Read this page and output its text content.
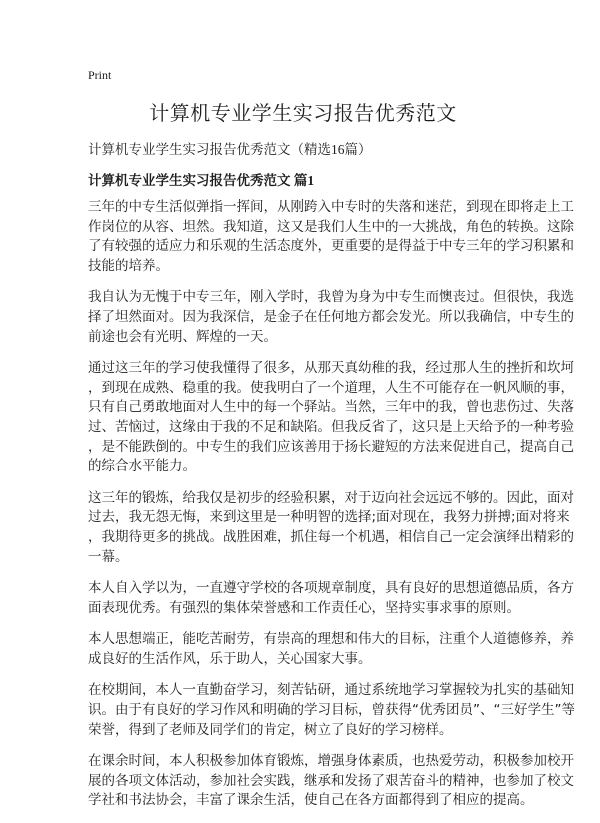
Print
计算机专业学生实习报告优秀范文
计算机专业学生实习报告优秀范文（精选16篇）
计算机专业学生实习报告优秀范文 篇1

三年的中专生活似弹指一挥间，从刚跨入中专时的失落和迷茫，到现在即将走上工
作岗位的从容、坦然。我知道，这又是我们人生中的一大挑战，角色的转换。这除
了有较强的适应力和乐观的生活态度外，更重要的是得益于中专三年的学习积累和
技能的培养。

我自认为无愧于中专三年，刚入学时，我曾为身为中专生而懊丧过。但很快，我选
择了坦然面对。因为我深信，是金子在任何地方都会发光。所以我确信，中专生的
前途也会有光明、辉煌的一天。

通过这三年的学习使我懂得了很多，从那天真幼稚的我，经过那人生的挫折和坎坷
，到现在成熟、稳重的我。使我明白了一个道理，人生不可能存在一帆风顺的事，
只有自己勇敢地面对人生中的每一个驿站。当然，三年中的我，曾也悲伤过、失落
过、苦恼过，这缘由于我的不足和缺陷。但我反省了，这只是上天给予的一种考验
，是不能跌倒的。中专生的我们应该善用于扬长避短的方法来促进自己，提高自己
的综合水平能力。

这三年的锻炼，给我仅是初步的经验积累，对于迈向社会远远不够的。因此，面对
过去，我无怨无悔，来到这里是一种明智的选择;面对现在，我努力拼搏;面对将来
，我期待更多的挑战。战胜困难，抓住每一个机遇，相信自己一定会演绎出精彩的
一幕。

本人自入学以为，一直遵守学校的各项规章制度，具有良好的思想道德品质，各方
面表现优秀。有强烈的集体荣誉感和工作责任心，坚持实事求事的原则。

本人思想端正，能吃苦耐劳，有崇高的理想和伟大的目标，注重个人道德修养，养
成良好的生活作风，乐于助人，关心国家大事。

在校期间，本人一直勤奋学习，刻苦钻研，通过系统地学习掌握较为扎实的基础知
识。由于有良好的学习作风和明确的学习目标，曾获得“优秀团员”、“三好学生”等
荣誉，得到了老师及同学们的肯定，树立了良好的学习榜样。

在课余时间，本人积极参加体育锻炼，增强身体素质，也热爱劳动，积极参加校开
展的各项文体活动，参加社会实践，继承和发扬了艰苦奋斗的精神，也参加了校文
学社和书法协会，丰富了课余生活，使自己在各方面都得到了相应的提高。
